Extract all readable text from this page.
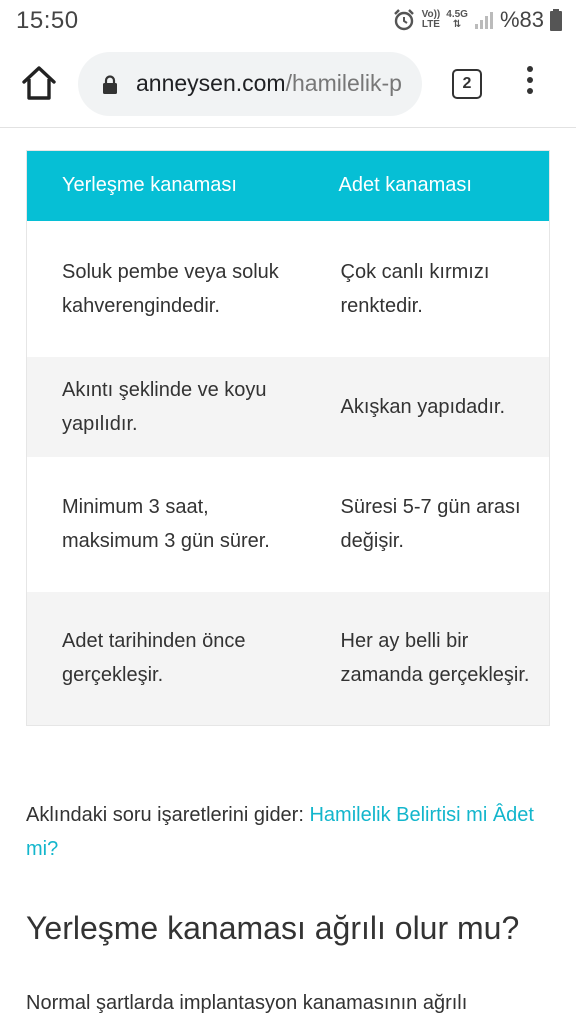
15:50	Vo))
LTE
4.5G
⇅	%83
anneysen.com/hamilelik-p	2
Yerleşme kanaması	Adet kanaması
Soluk pembe veya soluk kahverengindedir.	Çok canlı kırmızı renktedir.
Akıntı şeklinde ve koyu yapılıdır.	Akışkan yapıdadır.
Minimum 3 saat, maksimum 3 gün sürer.	Süresi 5-7 gün arası değişir.
Adet tarihinden önce gerçekleşir.	Her ay belli bir zamanda gerçekleşir.

Aklındaki soru işaretlerini gider: Hamilelik Belirtisi mi Âdet mi?

Yerleşme kanaması ağrılı olur mu?

Normal şartlarda implantasyon kanamasının ağrılı
